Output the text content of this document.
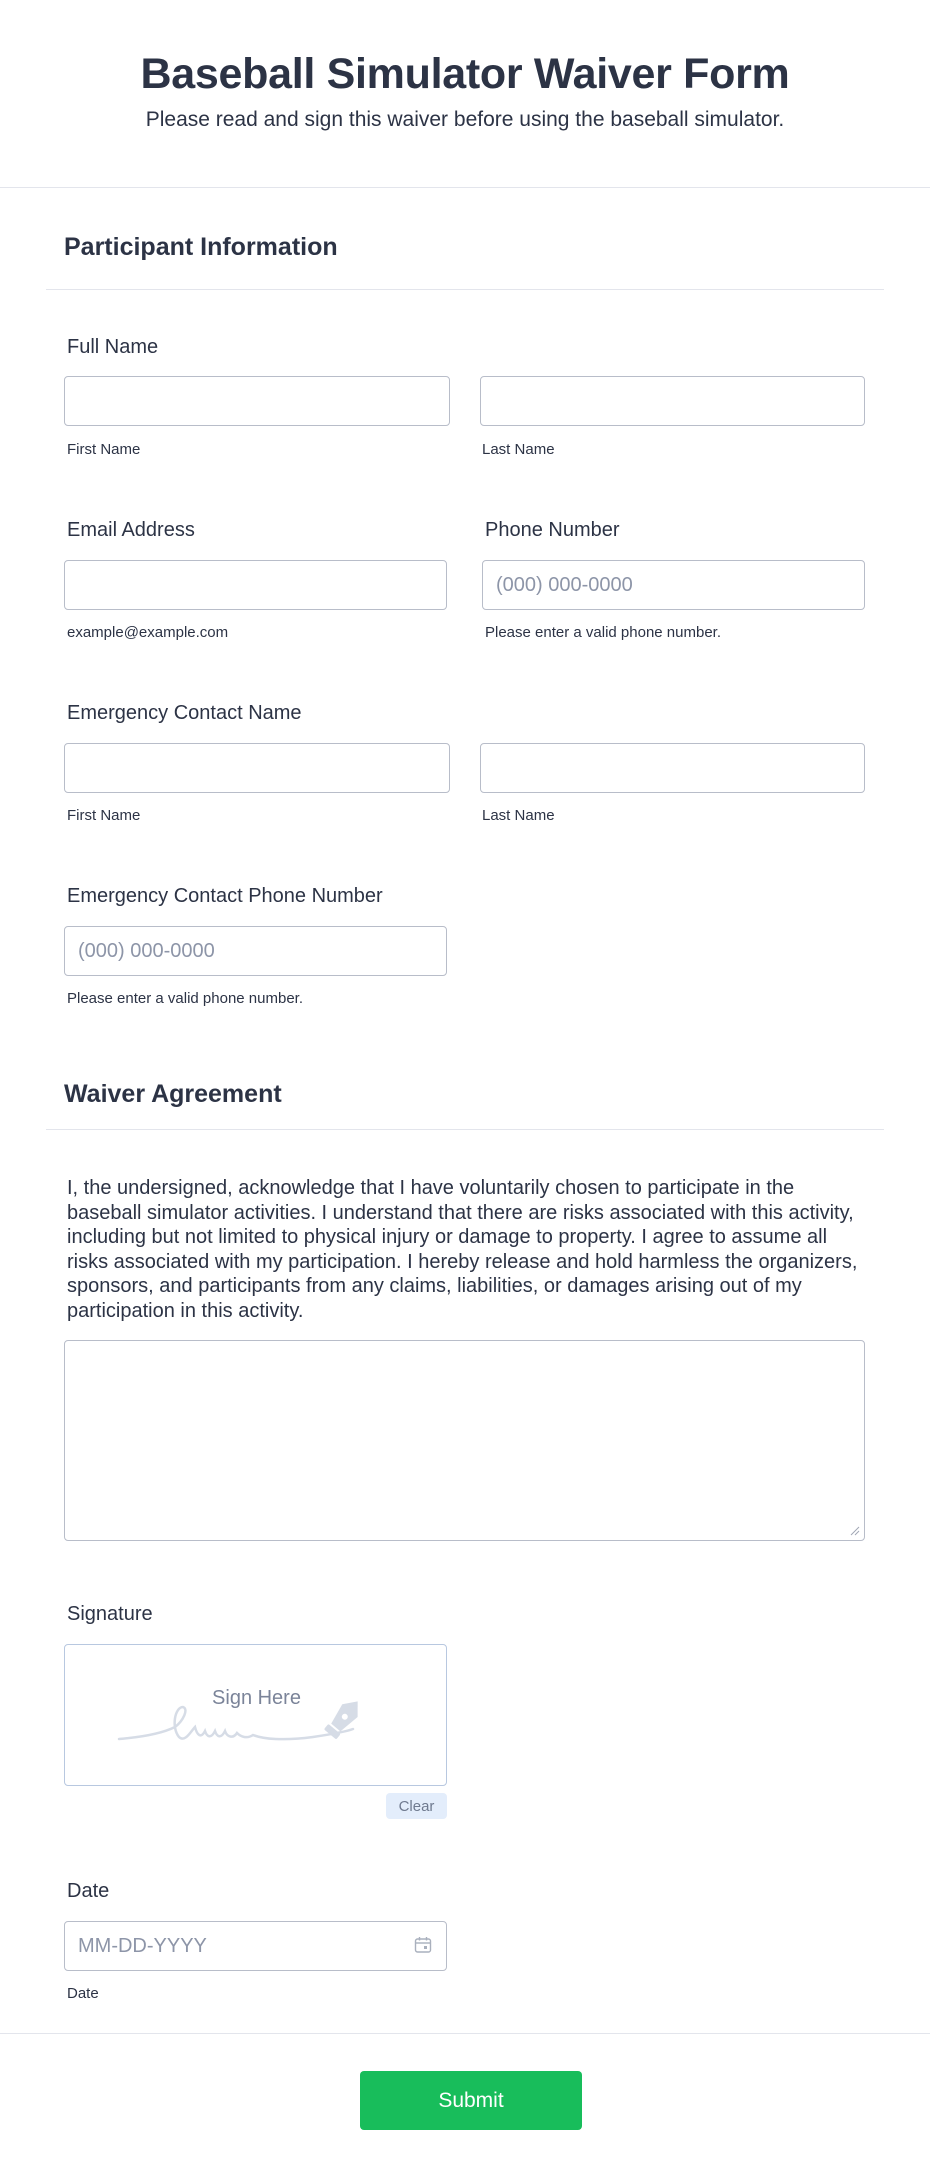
Baseball Simulator Waiver Form
Please read and sign this waiver before using the baseball simulator.
Participant Information
Full Name
First Name	Last Name
Email Address	Phone Number
(000) 000-0000
example@example.com	Please enter a valid phone number.
Emergency Contact Name
First Name	Last Name
Emergency Contact Phone Number
(000) 000-0000
Please enter a valid phone number.
Waiver Agreement
I, the undersigned, acknowledge that I have voluntarily chosen to participate in the baseball simulator activities. I understand that there are risks associated with this activity, including but not limited to physical injury or damage to property. I agree to assume all risks associated with my participation. I hereby release and hold harmless the organizers, sponsors, and participants from any claims, liabilities, or damages arising out of my participation in this activity.
Signature
Sign Here
Clear
Date
MM-DD-YYYY
Date
Submit
